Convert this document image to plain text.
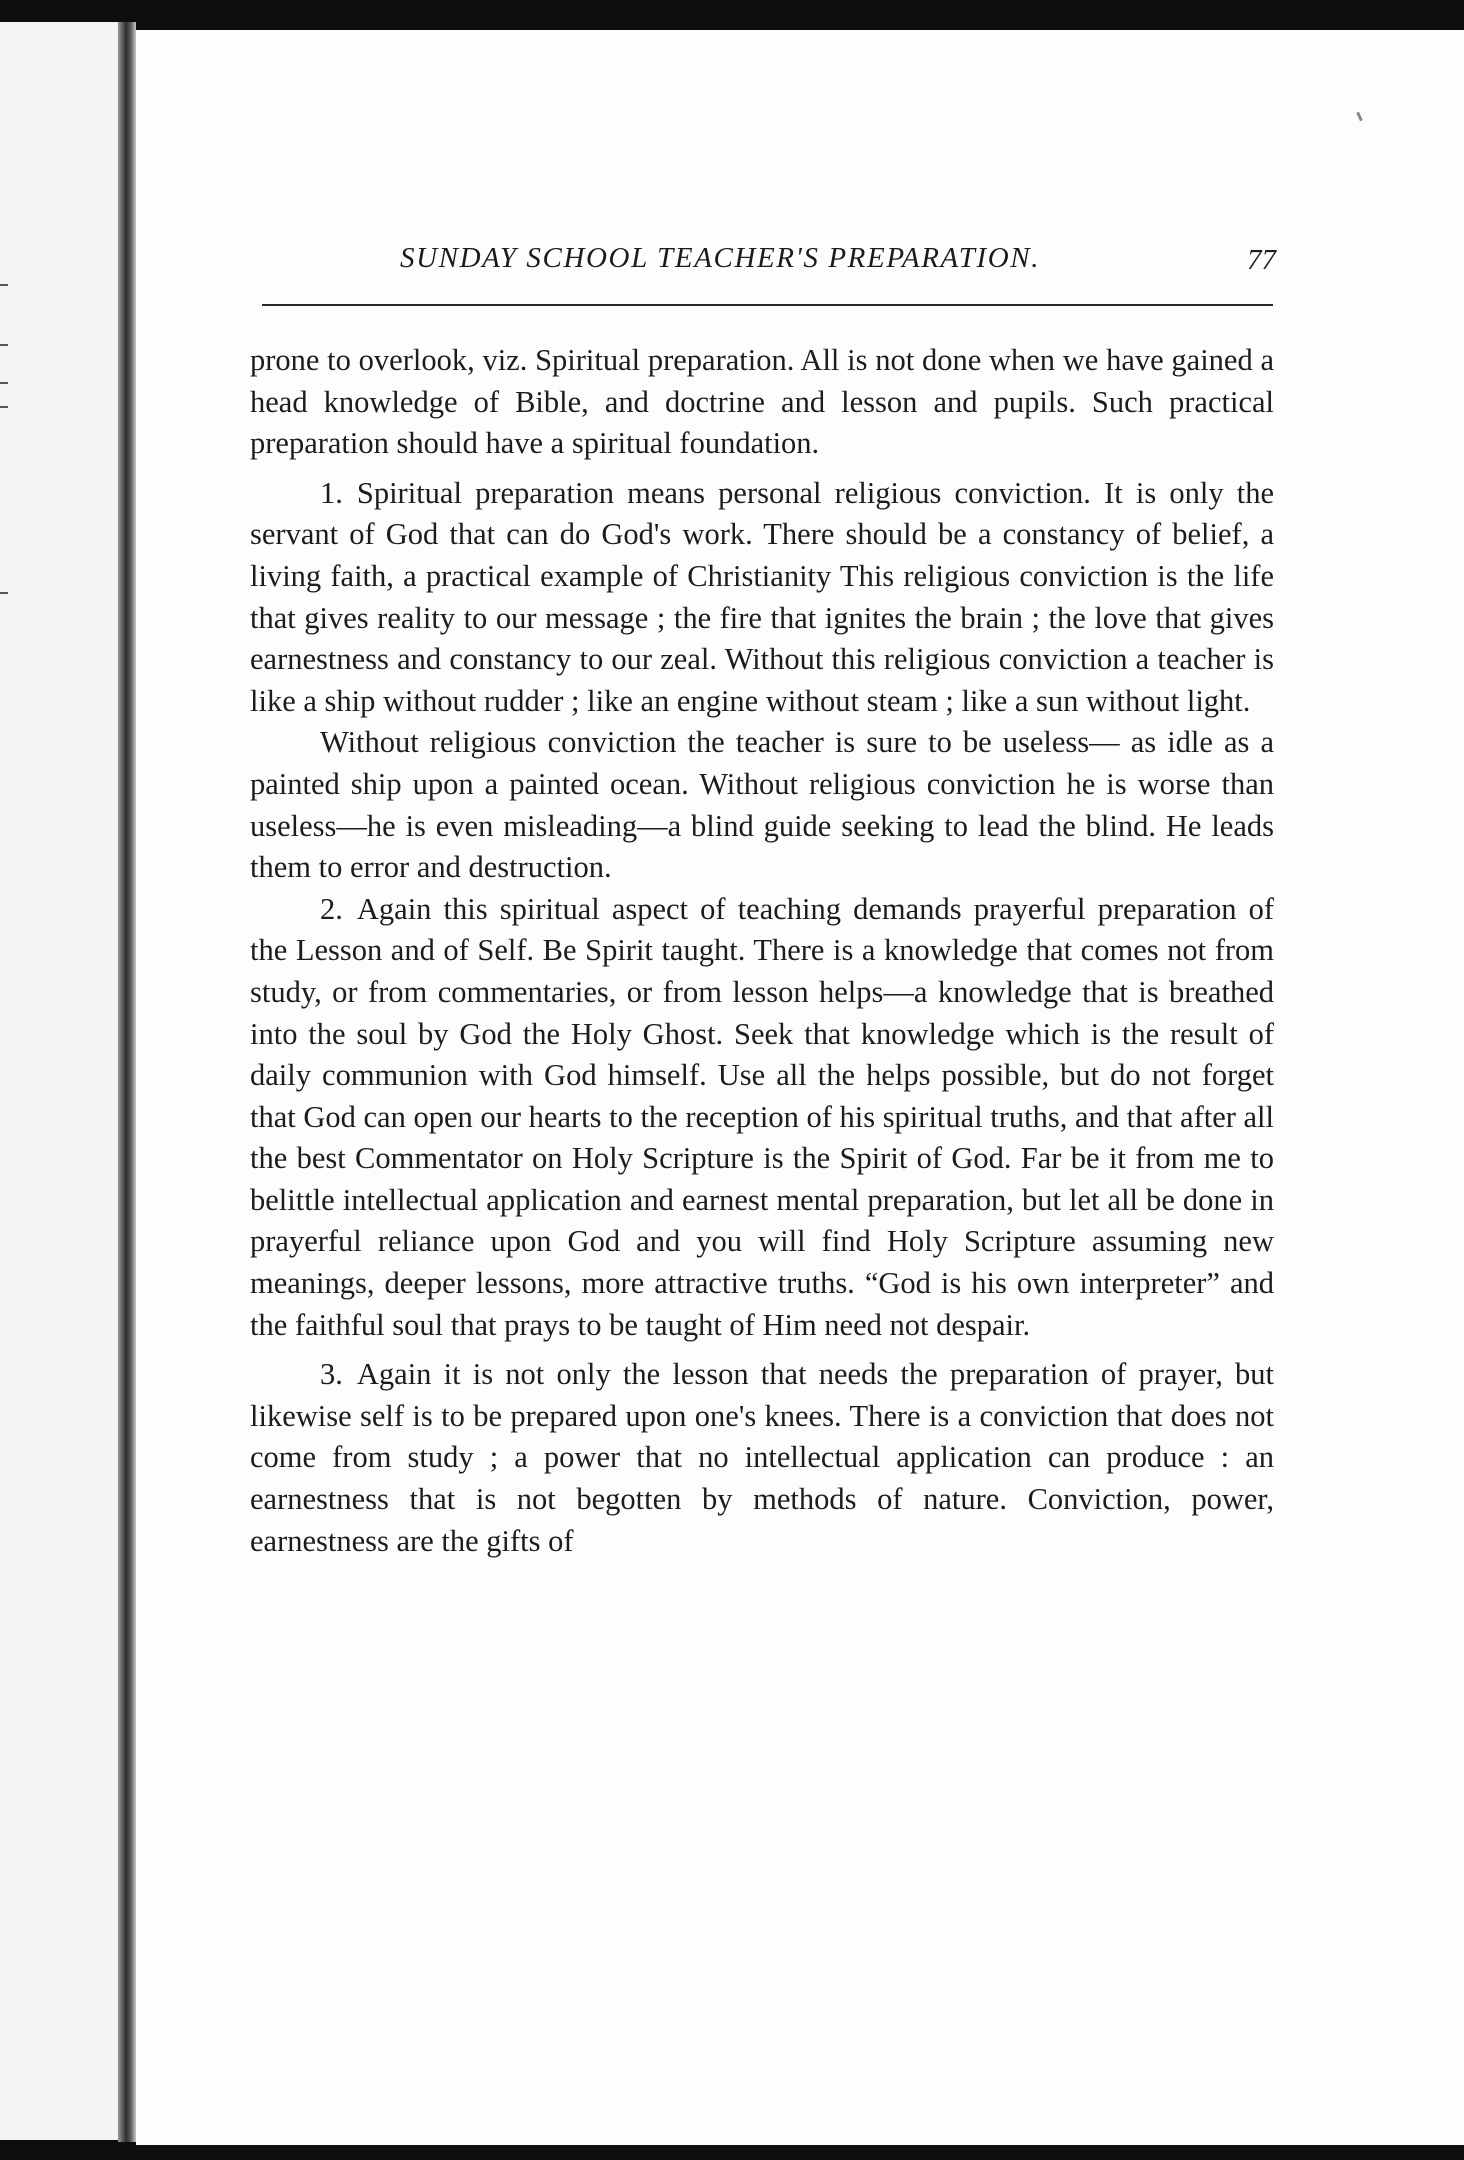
SUNDAY SCHOOL TEACHER'S PREPARATION.	77

prone to overlook, viz. Spiritual preparation. All is not done when we have gained a head knowledge of Bible, and doctrine and lesson and pupils. Such practical preparation should have a spiritual foundation.

1. Spiritual preparation means personal religious conviction. It is only the servant of God that can do God's work. There should be a constancy of belief, a living faith, a practical example of Christianity This religious conviction is the life that gives reality to our message ; the fire that ignites the brain ; the love that gives earnestness and constancy to our zeal. Without this religious conviction a teacher is like a ship without rudder ; like an engine without steam ; like a sun without light.

Without religious conviction the teacher is sure to be useless— as idle as a painted ship upon a painted ocean. Without religious conviction he is worse than useless—he is even misleading—a blind guide seeking to lead the blind. He leads them to error and destruction.

2. Again this spiritual aspect of teaching demands prayerful preparation of the Lesson and of Self. Be Spirit taught. There is a knowledge that comes not from study, or from commentaries, or from lesson helps—a knowledge that is breathed into the soul by God the Holy Ghost. Seek that knowledge which is the result of daily communion with God himself. Use all the helps possible, but do not forget that God can open our hearts to the reception of his spiritual truths, and that after all the best Commentator on Holy Scripture is the Spirit of God. Far be it from me to belittle intellectual application and earnest mental preparation, but let all be done in prayerful reliance upon God and you will find Holy Scripture assuming new meanings, deeper lessons, more attractive truths. “God is his own interpreter” and the faithful soul that prays to be taught of Him need not despair.

3. Again it is not only the lesson that needs the preparation of prayer, but likewise self is to be prepared upon one's knees. There is a conviction that does not come from study ; a power that no intellectual application can produce : an earnestness that is not begotten by methods of nature. Conviction, power, earnestness are the gifts of
